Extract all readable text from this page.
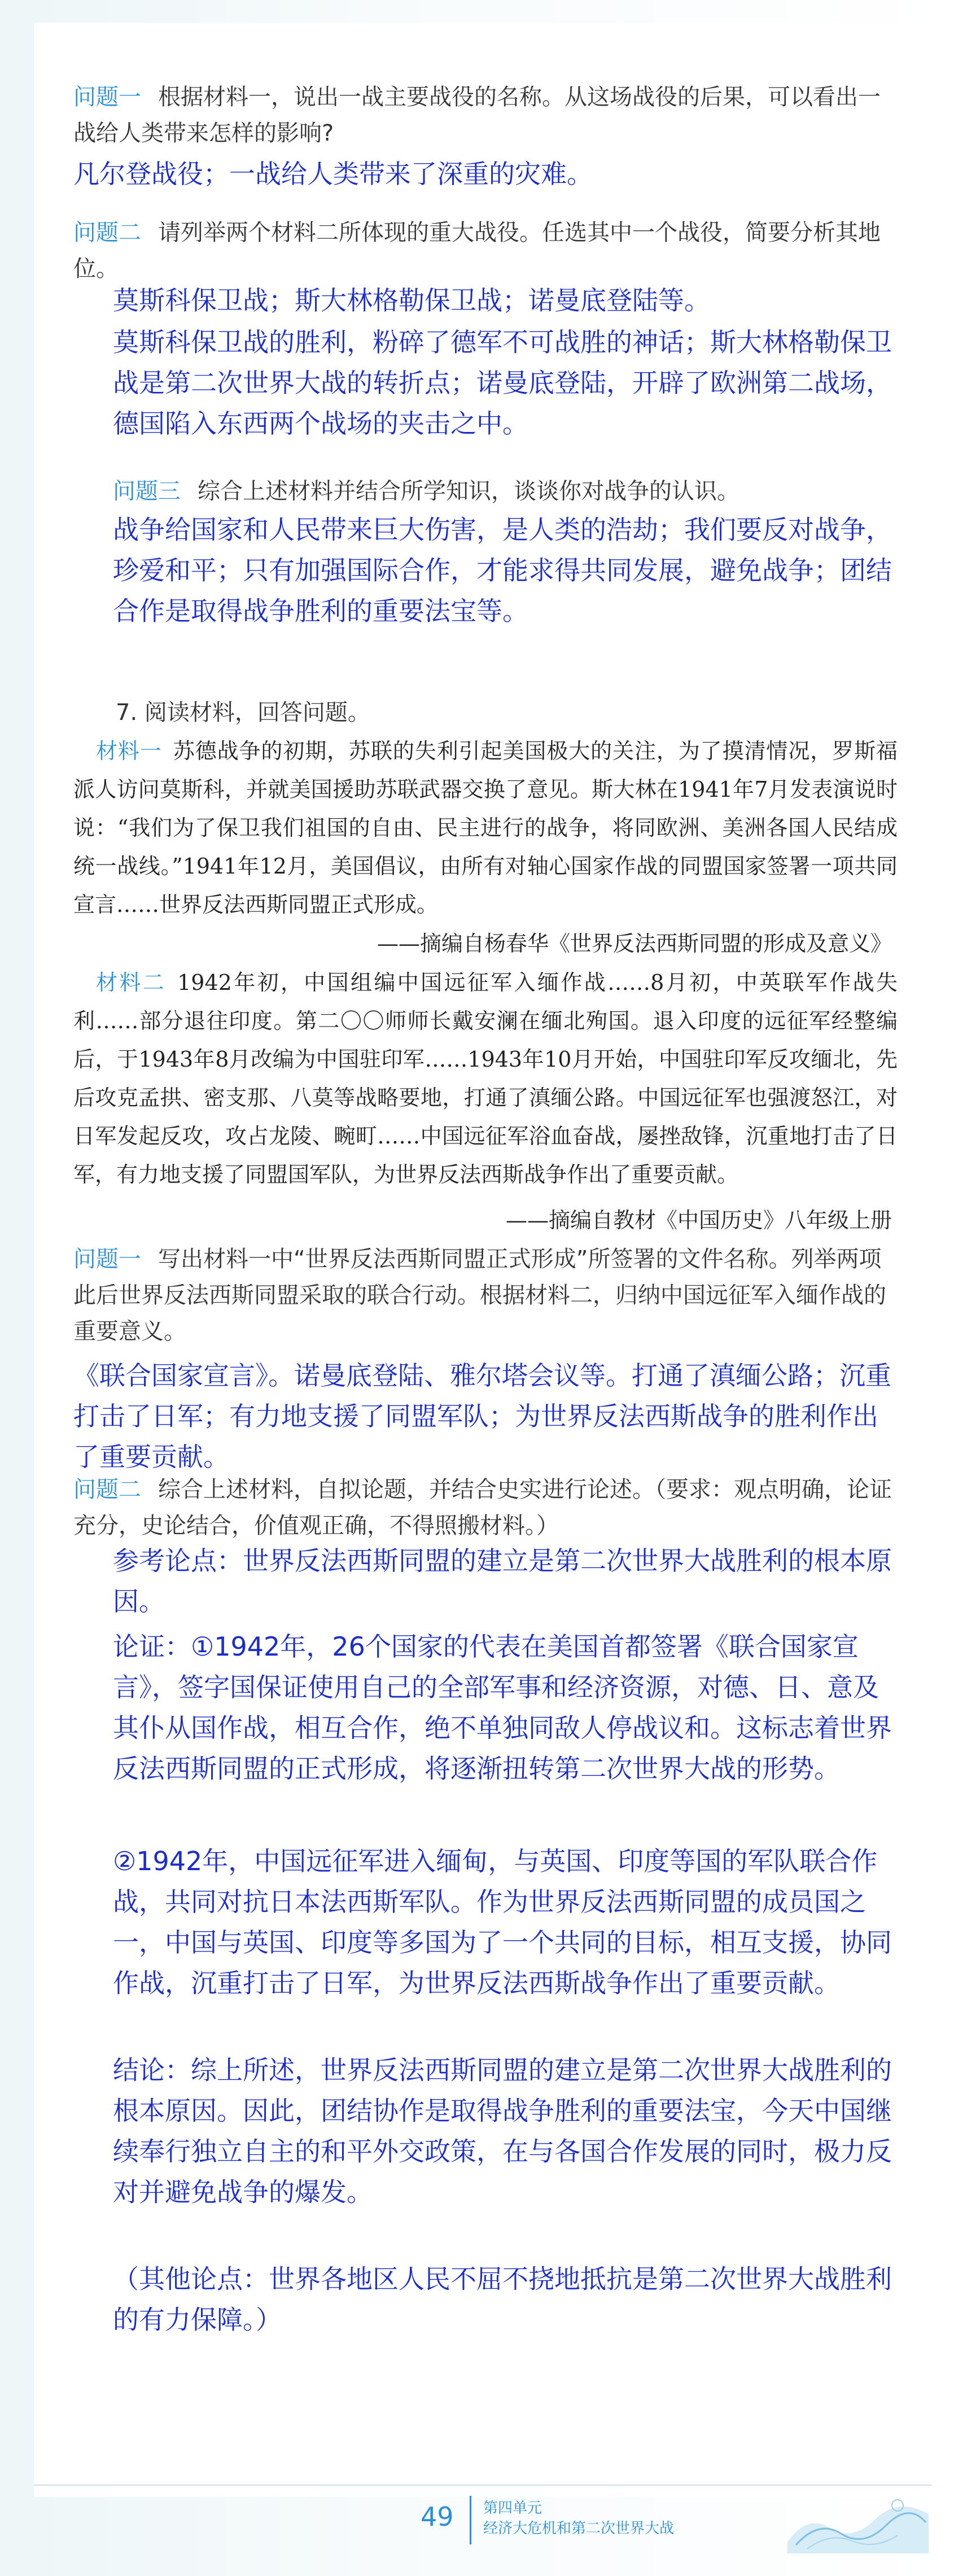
问题一 根据材料一，说出一战主要战役的名称。从这场战役的后果，可以看出一战给人类带来怎样的影响?
凡尔登战役；一战给人类带来了深重的灾难。
问题二 请列举两个材料二所体现的重大战役。任选其中一个战役，简要分析其地位。
莫斯科保卫战；斯大林格勒保卫战；诺曼底登陆等。
莫斯科保卫战的胜利，粉碎了德军不可战胜的神话；斯大林格勒保卫战是第二次世界大战的转折点；诺曼底登陆，开辟了欧洲第二战场，德国陷入东西两个战场的夹击之中。
问题三 综合上述材料并结合所学知识，谈谈你对战争的认识。
战争给国家和人民带来巨大伤害，是人类的浩劫；我们要反对战争，珍爱和平；只有加强国际合作，才能求得共同发展，避免战争；团结合作是取得战争胜利的重要法宝等。
7. 阅读材料，回答问题。
材料一 苏德战争的初期，苏联的失利引起美国极大的关注，为了摸清情况，罗斯福派人访问莫斯科，并就美国援助苏联武器交换了意见。斯大林在1941年7月发表演说时说：“我们为了保卫我们祖国的自由、民主进行的战争，将同欧洲、美洲各国人民结成统一战线。”1941年12月，美国倡议，由所有对轴心国家作战的同盟国家签署一项共同宣言……世界反法西斯同盟正式形成。
——摘编自杨春华《世界反法西斯同盟的形成及意义》
材料二 1942年初，中国组编中国远征军入缅作战……8月初，中英联军作战失利……部分退往印度。第二〇〇师师长戴安澜在缅北殉国。退入印度的远征军经整编后，于1943年8月改编为中国驻印军……1943年10月开始，中国驻印军反攻缅北，先后攻克孟拱、密支那、八莫等战略要地，打通了滇缅公路。中国远征军也强渡怒江，对日军发起反攻，攻占龙陵、畹町……中国远征军浴血奋战，屡挫敌锋，沉重地打击了日军，有力地支援了同盟国军队，为世界反法西斯战争作出了重要贡献。
——摘编自教材《中国历史》八年级上册
问题一 写出材料一中“世界反法西斯同盟正式形成”所签署的文件名称。列举两项此后世界反法西斯同盟采取的联合行动。根据材料二，归纳中国远征军入缅作战的重要意义。
《联合国家宣言》。诺曼底登陆、雅尔塔会议等。打通了滇缅公路；沉重打击了日军；有力地支援了同盟军队；为世界反法西斯战争的胜利作出了重要贡献。
问题二 综合上述材料，自拟论题，并结合史实进行论述。（要求：观点明确，论证充分，史论结合，价值观正确，不得照搬材料。）
参考论点：世界反法西斯同盟的建立是第二次世界大战胜利的根本原因。
论证：①1942年，26个国家的代表在美国首都签署《联合国家宣言》，签字国保证使用自己的全部军事和经济资源，对德、日、意及其仆从国作战，相互合作，绝不单独同敌人停战议和。这标志着世界反法西斯同盟的正式形成，将逐渐扭转第二次世界大战的形势。
②1942年，中国远征军进入缅甸，与英国、印度等国的军队联合作战，共同对抗日本法西斯军队。作为世界反法西斯同盟的成员国之一，中国与英国、印度等多国为了一个共同的目标，相互支援，协同作战，沉重打击了日军，为世界反法西斯战争作出了重要贡献。
结论：综上所述，世界反法西斯同盟的建立是第二次世界大战胜利的根本原因。因此，团结协作是取得战争胜利的重要法宝，今天中国继续奉行独立自主的和平外交政策，在与各国合作发展的同时，极力反对并避免战争的爆发。
（其他论点：世界各地区人民不屈不挠地抵抗是第二次世界大战胜利的有力保障。）
49 第四单元
经济大危机和第二次世界大战
